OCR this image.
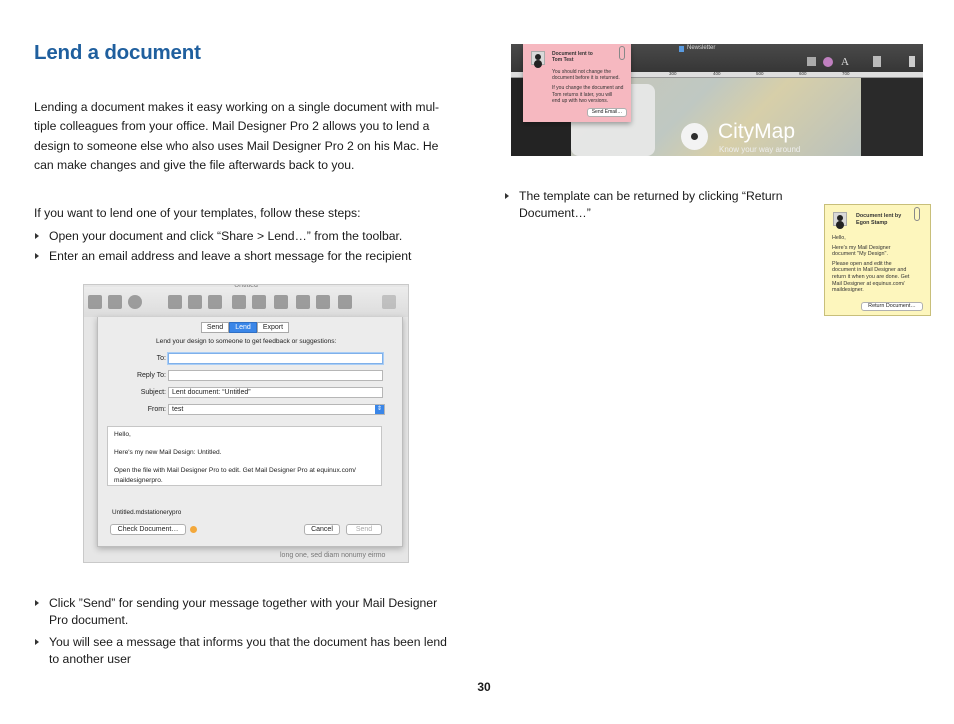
Lend a document
Lending a document makes it easy working on a single document with mul-
tiple colleagues from your office. Mail Designer Pro 2 allows you to lend a
design to someone else who also uses Mail Designer Pro 2 on his Mac. He
can make changes and give the file afterwards back to you.
If you want to lend one of your templates, follow these steps:
Open your document and click “Share > Lend…” from the toolbar.
Enter an email address and leave a short message for the recipient
Send	Lend	Export
Lend your design to someone to get feedback or suggestions:
To:
Reply To:
Subject: Lent document: “Untitled”
From: test	⇕
Hello,
Here's my new Mail Design: Untitled.
Open the file with Mail Designer Pro to edit. Get Mail Designer Pro at equinux.com/
maildesignerpro.
Untitled.mdstationerypro
Check Document…	Cancel	Send
long one, sed diam nonumy eirmo
Click ”Send” for sending your message together with your Mail Designer
Pro document.
You will see a message that informs you that the document has been lend
to another user
Newsletter
A
300	400	500	600	700
CityMap
Know your way around
Document lent to
Tom Test
You should not change the
document before it is returned.
If you change the document and
Tom returns it later, you will
end up with two versions.
Send Email…
The template can be returned by clicking “Return
Document…”	Document lent by
Egon Stamp
Hello,
Here's my Mail Designer
document "My Design".
Please open and edit the
document in Mail Designer and
return it when you are done. Get
Mail Designer at equinux.com/
maildesigner.
Return Document…
30
